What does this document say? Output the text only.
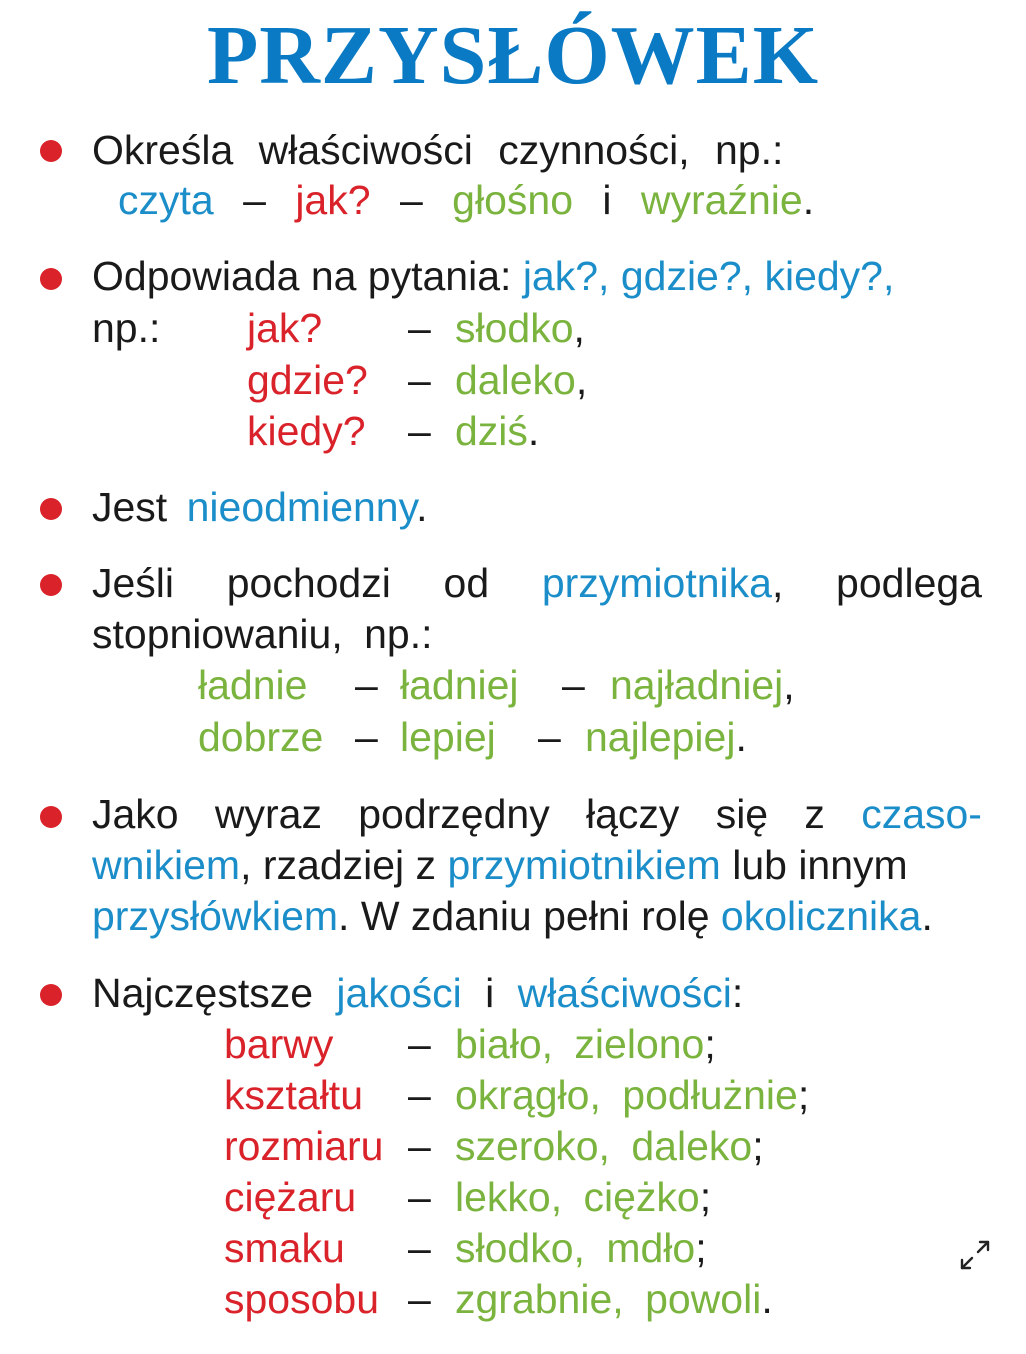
PRZYSŁÓWEK
Określa właściwości czynności, np.:
czyta – jak? – głośno i wyraźnie.
Odpowiada na pytania: jak?, gdzie?, kiedy?,
np.: jak? – słodko,
gdzie? – daleko,
kiedy? – dziś.
Jest nieodmienny.
Jeśli pochodzi od przymiotnika, podlega
stopniowaniu, np.:
ładnie – ładniej – najładniej,
dobrze – lepiej – najlepiej.
Jako wyraz podrzędny łączy się z czaso-
wnikiem, rzadziej z przymiotnikiem lub innym
przysłówkiem. W zdaniu pełni rolę okolicznika.
Najczęstsze jakości i właściwości:
barwy – biało, zielono;
kształtu – okrągło, podłużnie;
rozmiaru – szeroko, daleko;
ciężaru – lekko, ciężko;
smaku – słodko, mdło;
sposobu – zgrabnie, powoli.
